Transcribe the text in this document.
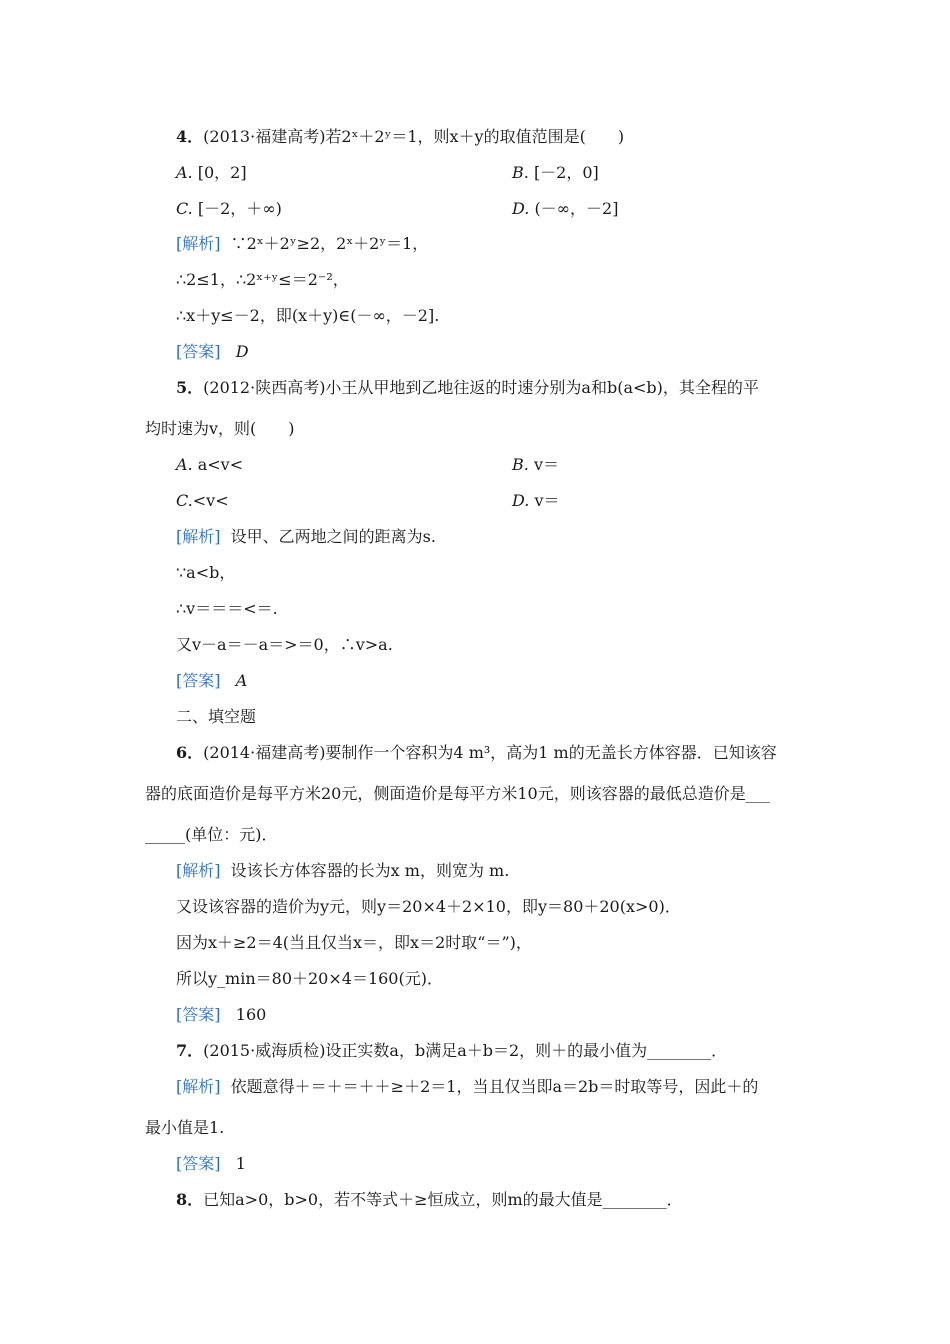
4．(2013·福建高考)若2ˣ＋2ʸ＝1，则x＋y的取值范围是(　　)
A. [0，2]	B. [－2，0]
C. [－2，＋∞)	D. (－∞，－2]
[解析] ∵2ˣ＋2ʸ≥2，2ˣ＋2ʸ＝1，
∴2≤1，∴2ˣ⁺ʸ≤＝2⁻²，
∴x＋y≤－2，即(x＋y)∈(－∞，－2].
[答案] D
5．(2012·陕西高考)小王从甲地到乙地往返的时速分别为a和b(a<b)，其全程的平
均时速为v，则(　　)
A. a<v<	B. v＝
C.<v<	D. v＝
[解析] 设甲、乙两地之间的距离为s.
∵a<b，
∴v＝＝＝<＝.
又v－a＝－a＝>＝0，∴v>a.
[答案] A
二、填空题
6．(2014·福建高考)要制作一个容积为4 m³，高为1 m的无盖长方体容器．已知该容
器的底面造价是每平方米20元，侧面造价是每平方米10元，则该容器的最低总造价是___
_____(单位：元)．
[解析] 设该长方体容器的长为x m，则宽为 m.
又设该容器的造价为y元，则y＝20×4＋2×10，即y＝80＋20(x>0)．
因为x＋≥2＝4(当且仅当x＝，即x＝2时取“＝”)，
所以y_min＝80＋20×4＝160(元)．
[答案] 160
7．(2015·威海质检)设正实数a，b满足a＋b＝2，则＋的最小值为________．
[解析] 依题意得＋＝＋＝＋＋≥＋2＝1，当且仅当即a＝2b＝时取等号，因此＋的
最小值是1.
[答案] 1
8．已知a>0，b>0，若不等式＋≥恒成立，则m的最大值是________．
